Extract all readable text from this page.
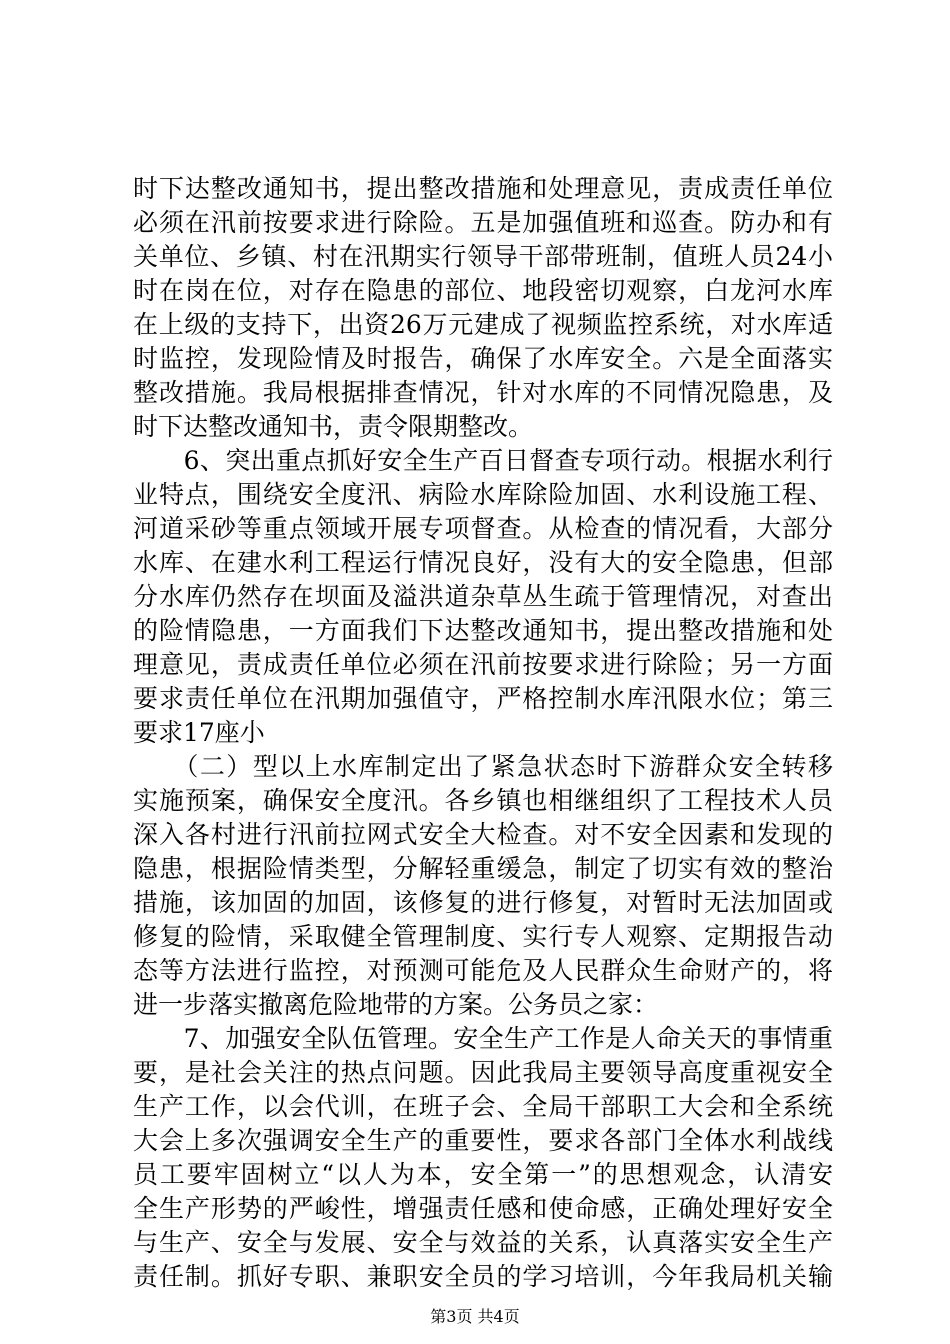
时下达整改通知书，提出整改措施和处理意见，责成责任单位
必须在汛前按要求进行除险。五是加强值班和巡查。防办和有
关单位、乡镇、村在汛期实行领导干部带班制，值班人员24小
时在岗在位，对存在隐患的部位、地段密切观察，白龙河水库
在上级的支持下，出资26万元建成了视频监控系统，对水库适
时监控，发现险情及时报告，确保了水库安全。六是全面落实
整改措施。我局根据排查情况，针对水库的不同情况隐患，及
时下达整改通知书，责令限期整改。
　　6、突出重点抓好安全生产百日督查专项行动。根据水利行
业特点，围绕安全度汛、病险水库除险加固、水利设施工程、
河道采砂等重点领域开展专项督查。从检查的情况看，大部分
水库、在建水利工程运行情况良好，没有大的安全隐患，但部
分水库仍然存在坝面及溢洪道杂草丛生疏于管理情况，对查出
的险情隐患，一方面我们下达整改通知书，提出整改措施和处
理意见，责成责任单位必须在汛前按要求进行除险；另一方面
要求责任单位在汛期加强值守，严格控制水库汛限水位；第三
要求17座小
　　（二）型以上水库制定出了紧急状态时下游群众安全转移
实施预案，确保安全度汛。各乡镇也相继组织了工程技术人员
深入各村进行汛前拉网式安全大检查。对不安全因素和发现的
隐患，根据险情类型，分解轻重缓急，制定了切实有效的整治
措施，该加固的加固，该修复的进行修复，对暂时无法加固或
修复的险情，采取健全管理制度、实行专人观察、定期报告动
态等方法进行监控，对预测可能危及人民群众生命财产的，将
进一步落实撤离危险地带的方案。公务员之家：
　　7、加强安全队伍管理。安全生产工作是人命关天的事情重
要，是社会关注的热点问题。因此我局主要领导高度重视安全
生产工作，以会代训，在班子会、全局干部职工大会和全系统
大会上多次强调安全生产的重要性，要求各部门全体水利战线
员工要牢固树立“以人为本，安全第一”的思想观念，认清安
全生产形势的严峻性，增强责任感和使命感，正确处理好安全
与生产、安全与发展、安全与效益的关系，认真落实安全生产
责任制。抓好专职、兼职安全员的学习培训，今年我局机关输
第3页 共4页
